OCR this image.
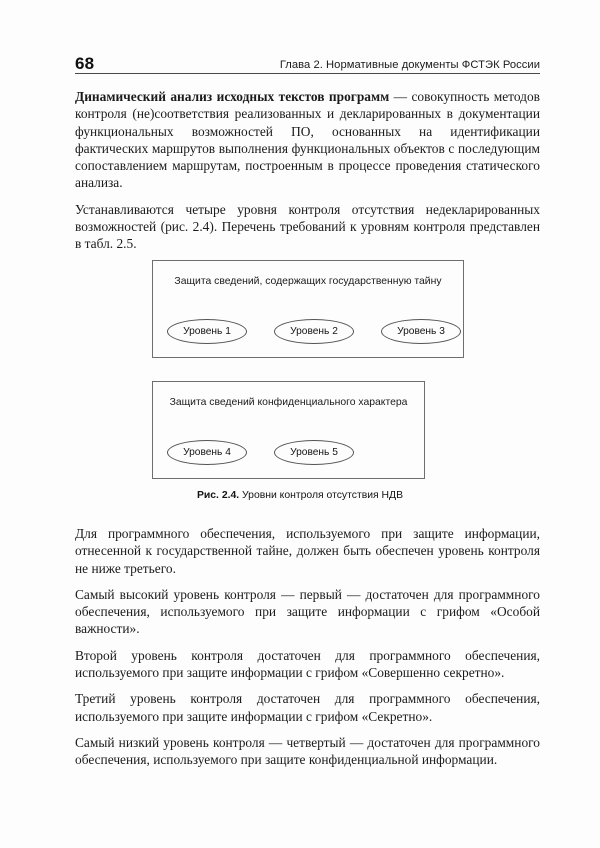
68	Глава 2. Нормативные документы ФСТЭК России

Динамический анализ исходных текстов программ — совокупность методов контроля (не)соответствия реализованных и декларированных в документации функциональных возможностей ПО, основанных на идентификации фактических маршрутов выполнения функциональных объектов с последующим сопоставлением маршрутам, построенным в процессе проведения статического анализа.

Устанавливаются четыре уровня контроля отсутствия недекларированных возможностей (рис. 2.4). Перечень требований к уровням контроля представлен в табл. 2.5.

Защита сведений, содержащих государственную тайну
Уровень 1	Уровень 2	Уровень 3
Защита сведений конфиденциального характера
Уровень 4	Уровень 5
Рис. 2.4. Уровни контроля отсутствия НДВ

Для программного обеспечения, используемого при защите информации, отнесенной к государственной тайне, должен быть обеспечен уровень контроля не ниже третьего.

Самый высокий уровень контроля — первый — достаточен для программного обеспечения, используемого при защите информации с грифом «Особой важности».

Второй уровень контроля достаточен для программного обеспечения, используемого при защите информации с грифом «Совершенно секретно».

Третий уровень контроля достаточен для программного обеспечения, используемого при защите информации с грифом «Секретно».

Самый низкий уровень контроля — четвертый — достаточен для программного обеспечения, используемого при защите конфиденциальной информации.
